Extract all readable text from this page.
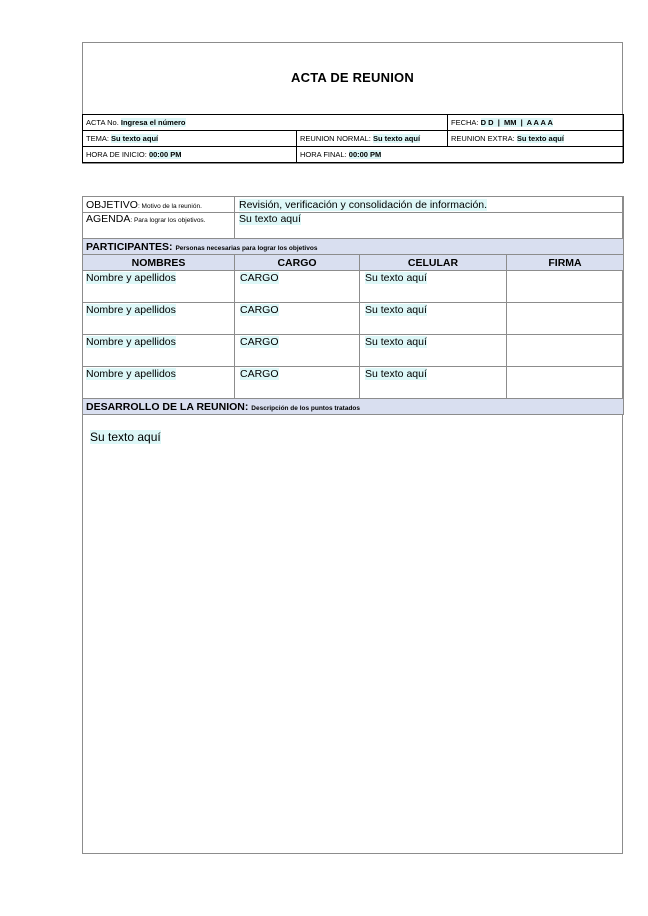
ACTA DE REUNION
ACTA No. Ingresa el número		FECHA: D D  |  MM  |  A A A A
TEMA: Su texto aquí	REUNION NORMAL: Su texto aquí	REUNION EXTRA: Su texto aquí
HORA DE INICIO: 00:00 PM	HORA FINAL: 00:00 PM	
OBJETIVO: Motivo de la reunión.	Revisión, verificación y consolidación de información.		
AGENDA: Para lograr los objetivos.	Su texto aquí		
PARTICIPANTES: Personas necesarias para lograr los objetivos			
NOMBRES	CARGO	CELULAR	FIRMA
Nombre y apellidos	CARGO	Su texto aquí	
Nombre y apellidos	CARGO	Su texto aquí	
Nombre y apellidos	CARGO	Su texto aquí	
Nombre y apellidos	CARGO	Su texto aquí	
DESARROLLO DE LA REUNION: Descripción de los puntos tratados			
Su texto aquí
